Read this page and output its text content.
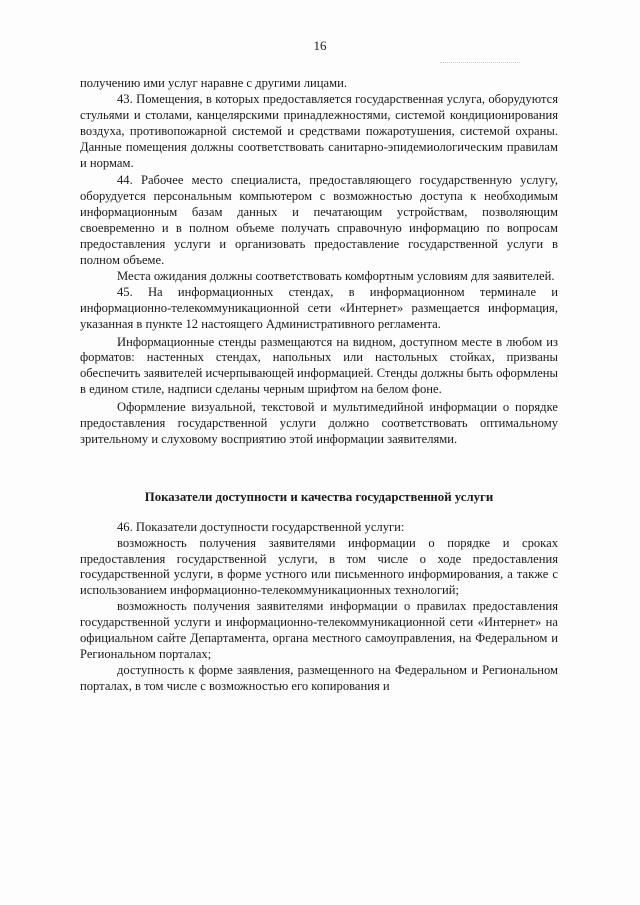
16

получению ими услуг наравне с другими лицами.

43. Помещения, в которых предоставляется государственная услуга, оборудуются стульями и столами, канцелярскими принадлежностями, системой кондиционирования воздуха, противопожарной системой и средствами пожаротушения, системой охраны. Данные помещения должны соответствовать санитарно-эпидемиологическим правилам и нормам.

44. Рабочее место специалиста, предоставляющего государственную услугу, оборудуется персональным компьютером с возможностью доступа к необходимым информационным базам данных и печатающим устройствам, позволяющим своевременно и в полном объеме получать справочную информацию по вопросам предоставления услуги и организовать предоставление государственной услуги в полном объеме.

Места ожидания должны соответствовать комфортным условиям для заявителей.

45. На информационных стендах, в информационном терминале и информационно-телекоммуникационной сети «Интернет» размещается информация, указанная в пункте 12 настоящего Административного регламента.

Информационные стенды размещаются на видном, доступном месте в любом из форматов: настенных стендах, напольных или настольных стойках, призваны обеспечить заявителей исчерпывающей информацией. Стенды должны быть оформлены в едином стиле, надписи сделаны черным шрифтом на белом фоне.

Оформление визуальной, текстовой и мультимедийной информации о порядке предоставления государственной услуги должно соответствовать оптимальному зрительному и слуховому восприятию этой информации заявителями.

Показатели доступности и качества государственной услуги

46. Показатели доступности государственной услуги:

возможность получения заявителями информации о порядке и сроках предоставления государственной услуги, в том числе о ходе предоставления государственной услуги, в форме устного или письменного информирования, а также с использованием информационно-телекоммуникационных технологий;

возможность получения заявителями информации о правилах предоставления государственной услуги и информационно-телекоммуникационной сети «Интернет» на официальном сайте Департамента, органа местного самоуправления, на Федеральном и Региональном порталах;

доступность к форме заявления, размещенного на Федеральном и Региональном порталах, в том числе с возможностью его копирования и
